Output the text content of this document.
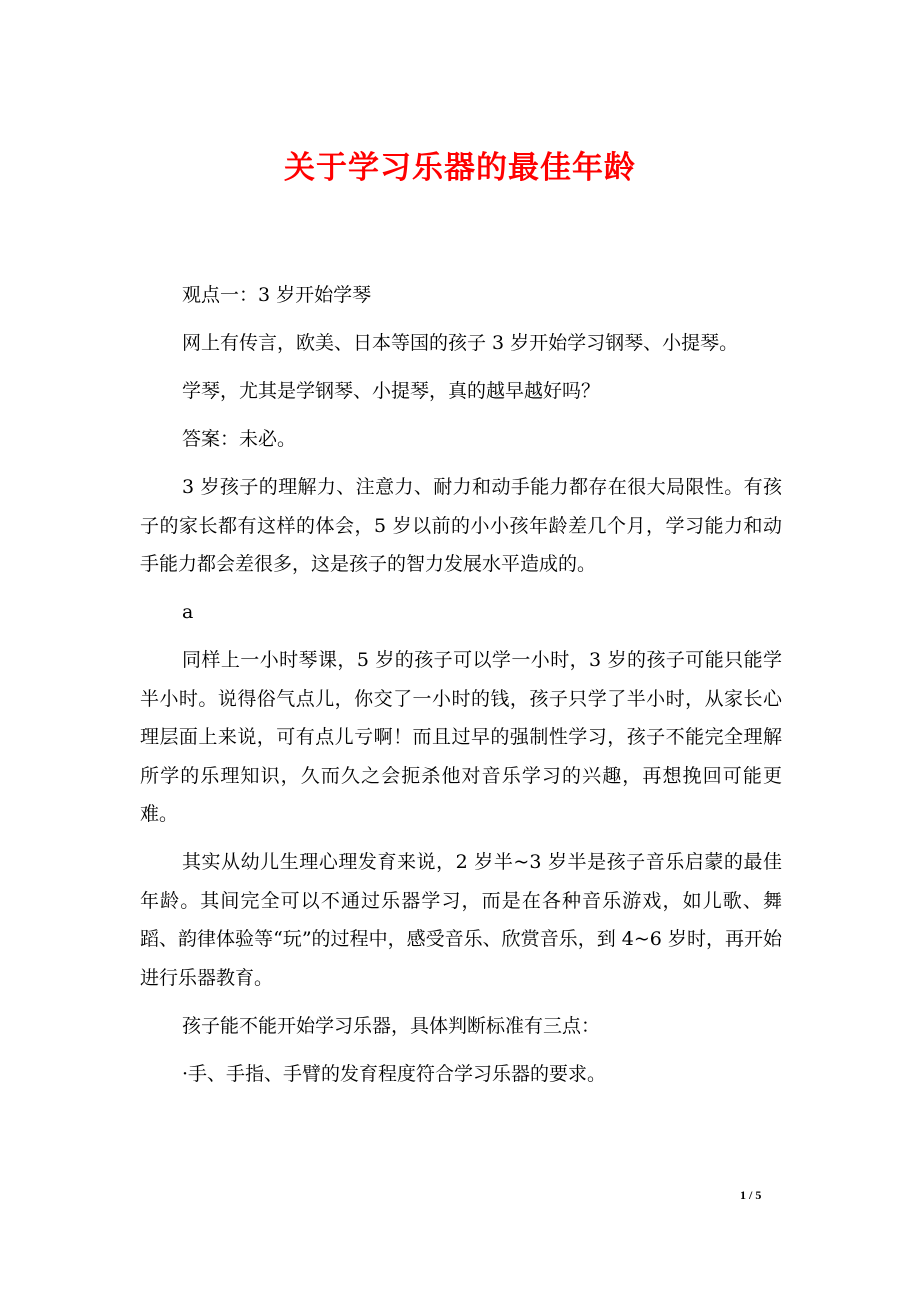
关于学习乐器的最佳年龄

观点一：3 岁开始学琴

网上有传言，欧美、日本等国的孩子 3 岁开始学习钢琴、小提琴。

学琴，尤其是学钢琴、小提琴，真的越早越好吗？

答案：未必。

3 岁孩子的理解力、注意力、耐力和动手能力都存在很大局限性。有孩子的家长都有这样的体会，5 岁以前的小小孩年龄差几个月，学习能力和动手能力都会差很多，这是孩子的智力发展水平造成的。

a

同样上一小时琴课，5 岁的孩子可以学一小时，3 岁的孩子可能只能学半小时。说得俗气点儿，你交了一小时的钱，孩子只学了半小时，从家长心理层面上来说，可有点儿亏啊！而且过早的强制性学习，孩子不能完全理解所学的乐理知识，久而久之会扼杀他对音乐学习的兴趣，再想挽回可能更难。

其实从幼儿生理心理发育来说，2 岁半~3 岁半是孩子音乐启蒙的最佳年龄。其间完全可以不通过乐器学习，而是在各种音乐游戏，如儿歌、舞蹈、韵律体验等“玩”的过程中，感受音乐、欣赏音乐，到 4~6 岁时，再开始进行乐器教育。

孩子能不能开始学习乐器，具体判断标准有三点：

·手、手指、手臂的发育程度符合学习乐器的要求。

1 / 5
